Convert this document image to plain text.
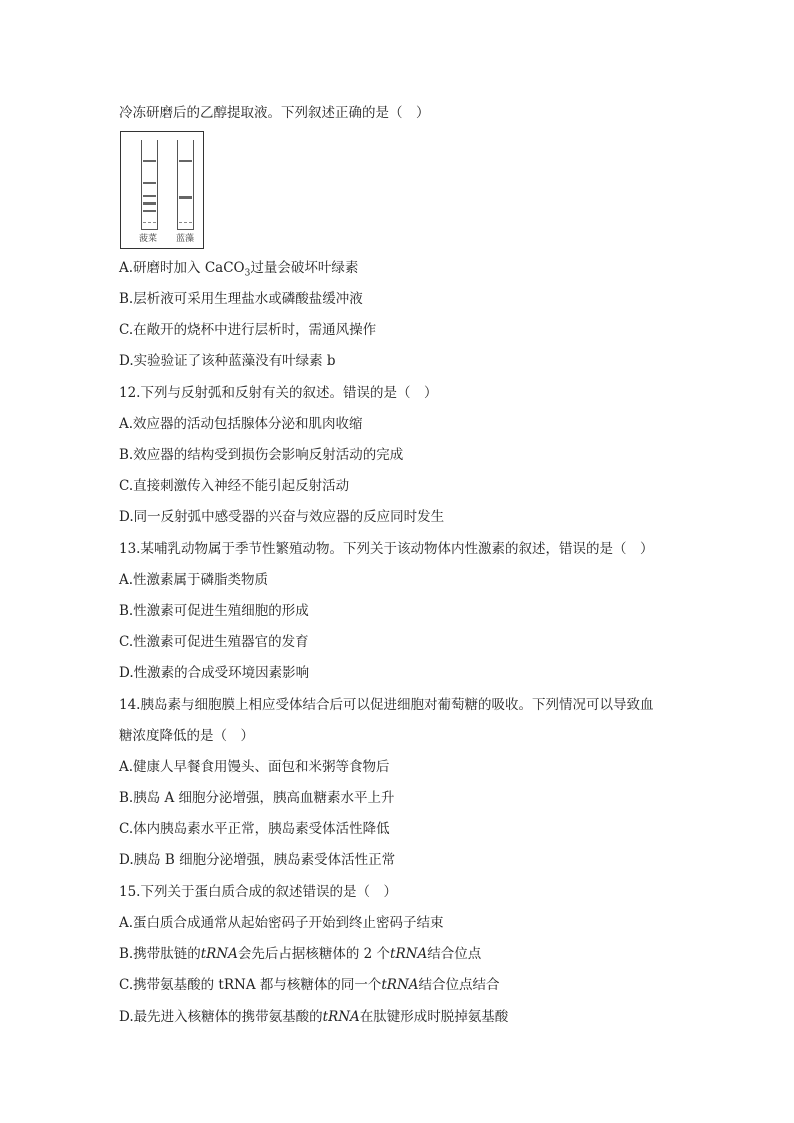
冷冻研磨后的乙醇提取液。下列叙述正确的是（　）
菠菜 蓝藻
A.研磨时加入 CaCO$_3$过量会破坏叶绿素
B.层析液可采用生理盐水或磷酸盐缓冲液
C.在敞开的烧杯中进行层析时，需通风操作
D.实验验证了该种蓝藻没有叶绿素 b
12.下列与反射弧和反射有关的叙述。错误的是（　）
A.效应器的活动包括腺体分泌和肌肉收缩
B.效应器的结构受到损伤会影响反射活动的完成
C.直接刺激传入神经不能引起反射活动
D.同一反射弧中感受器的兴奋与效应器的反应同时发生
13.某哺乳动物属于季节性繁殖动物。下列关于该动物体内性激素的叙述，错误的是（　）
A.性激素属于磷脂类物质
B.性激素可促进生殖细胞的形成
C.性激素可促进生殖器官的发育
D.性激素的合成受环境因素影响
14.胰岛素与细胞膜上相应受体结合后可以促进细胞对葡萄糖的吸收。下列情况可以导致血
糖浓度降低的是（　）
A.健康人早餐食用馒头、面包和米粥等食物后
B.胰岛 A 细胞分泌增强，胰高血糖素水平上升
C.体内胰岛素水平正常，胰岛素受体活性降低
D.胰岛 B 细胞分泌增强，胰岛素受体活性正常
15.下列关于蛋白质合成的叙述错误的是（　）
A.蛋白质合成通常从起始密码子开始到终止密码子结束
B.携带肽链的tRNA会先后占据核糖体的 2 个tRNA结合位点
C.携带氨基酸的 tRNA 都与核糖体的同一个tRNA结合位点结合
D.最先进入核糖体的携带氨基酸的tRNA在肽键形成时脱掉氨基酸
